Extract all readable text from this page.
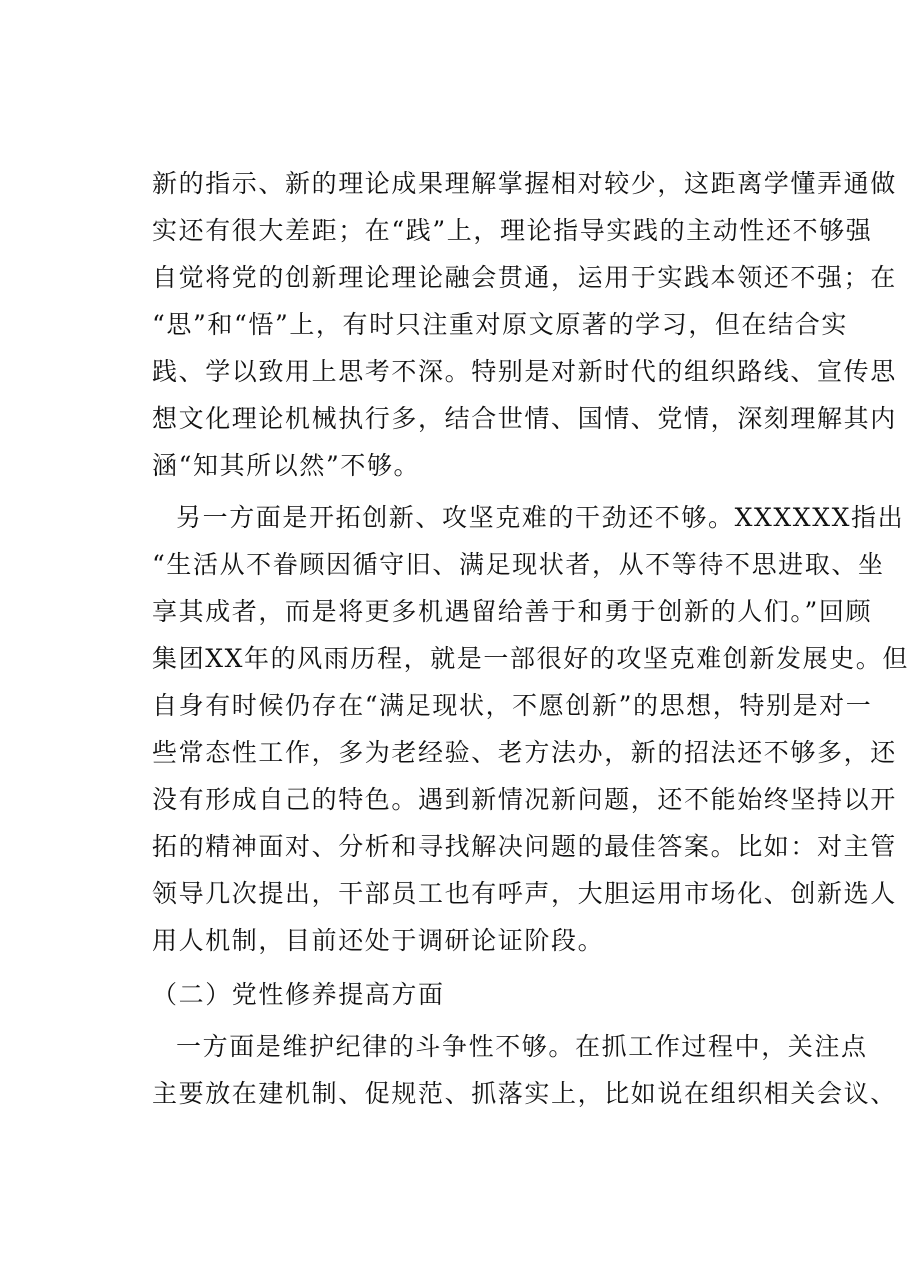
新的指示、新的理论成果理解掌握相对较少，这距离学懂弄通做
实还有很大差距；在“践”上，理论指导实践的主动性还不够强
自觉将党的创新理论理论融会贯通，运用于实践本领还不强；在
“思”和“悟”上，有时只注重对原文原著的学习，但在结合实
践、学以致用上思考不深。特别是对新时代的组织路线、宣传思
想文化理论机械执行多，结合世情、国情、党情，深刻理解其内
涵“知其所以然”不够。
另一方面是开拓创新、攻坚克难的干劲还不够。XXXXXX指出
“生活从不眷顾因循守旧、满足现状者，从不等待不思进取、坐
享其成者，而是将更多机遇留给善于和勇于创新的人们。”回顾
集团XX年的风雨历程，就是一部很好的攻坚克难创新发展史。但
自身有时候仍存在“满足现状，不愿创新”的思想，特别是对一
些常态性工作，多为老经验、老方法办，新的招法还不够多，还
没有形成自己的特色。遇到新情况新问题，还不能始终坚持以开
拓的精神面对、分析和寻找解决问题的最佳答案。比如：对主管
领导几次提出，干部员工也有呼声，大胆运用市场化、创新选人
用人机制，目前还处于调研论证阶段。
（二）党性修养提高方面
一方面是维护纪律的斗争性不够。在抓工作过程中，关注点
主要放在建机制、促规范、抓落实上，比如说在组织相关会议、
